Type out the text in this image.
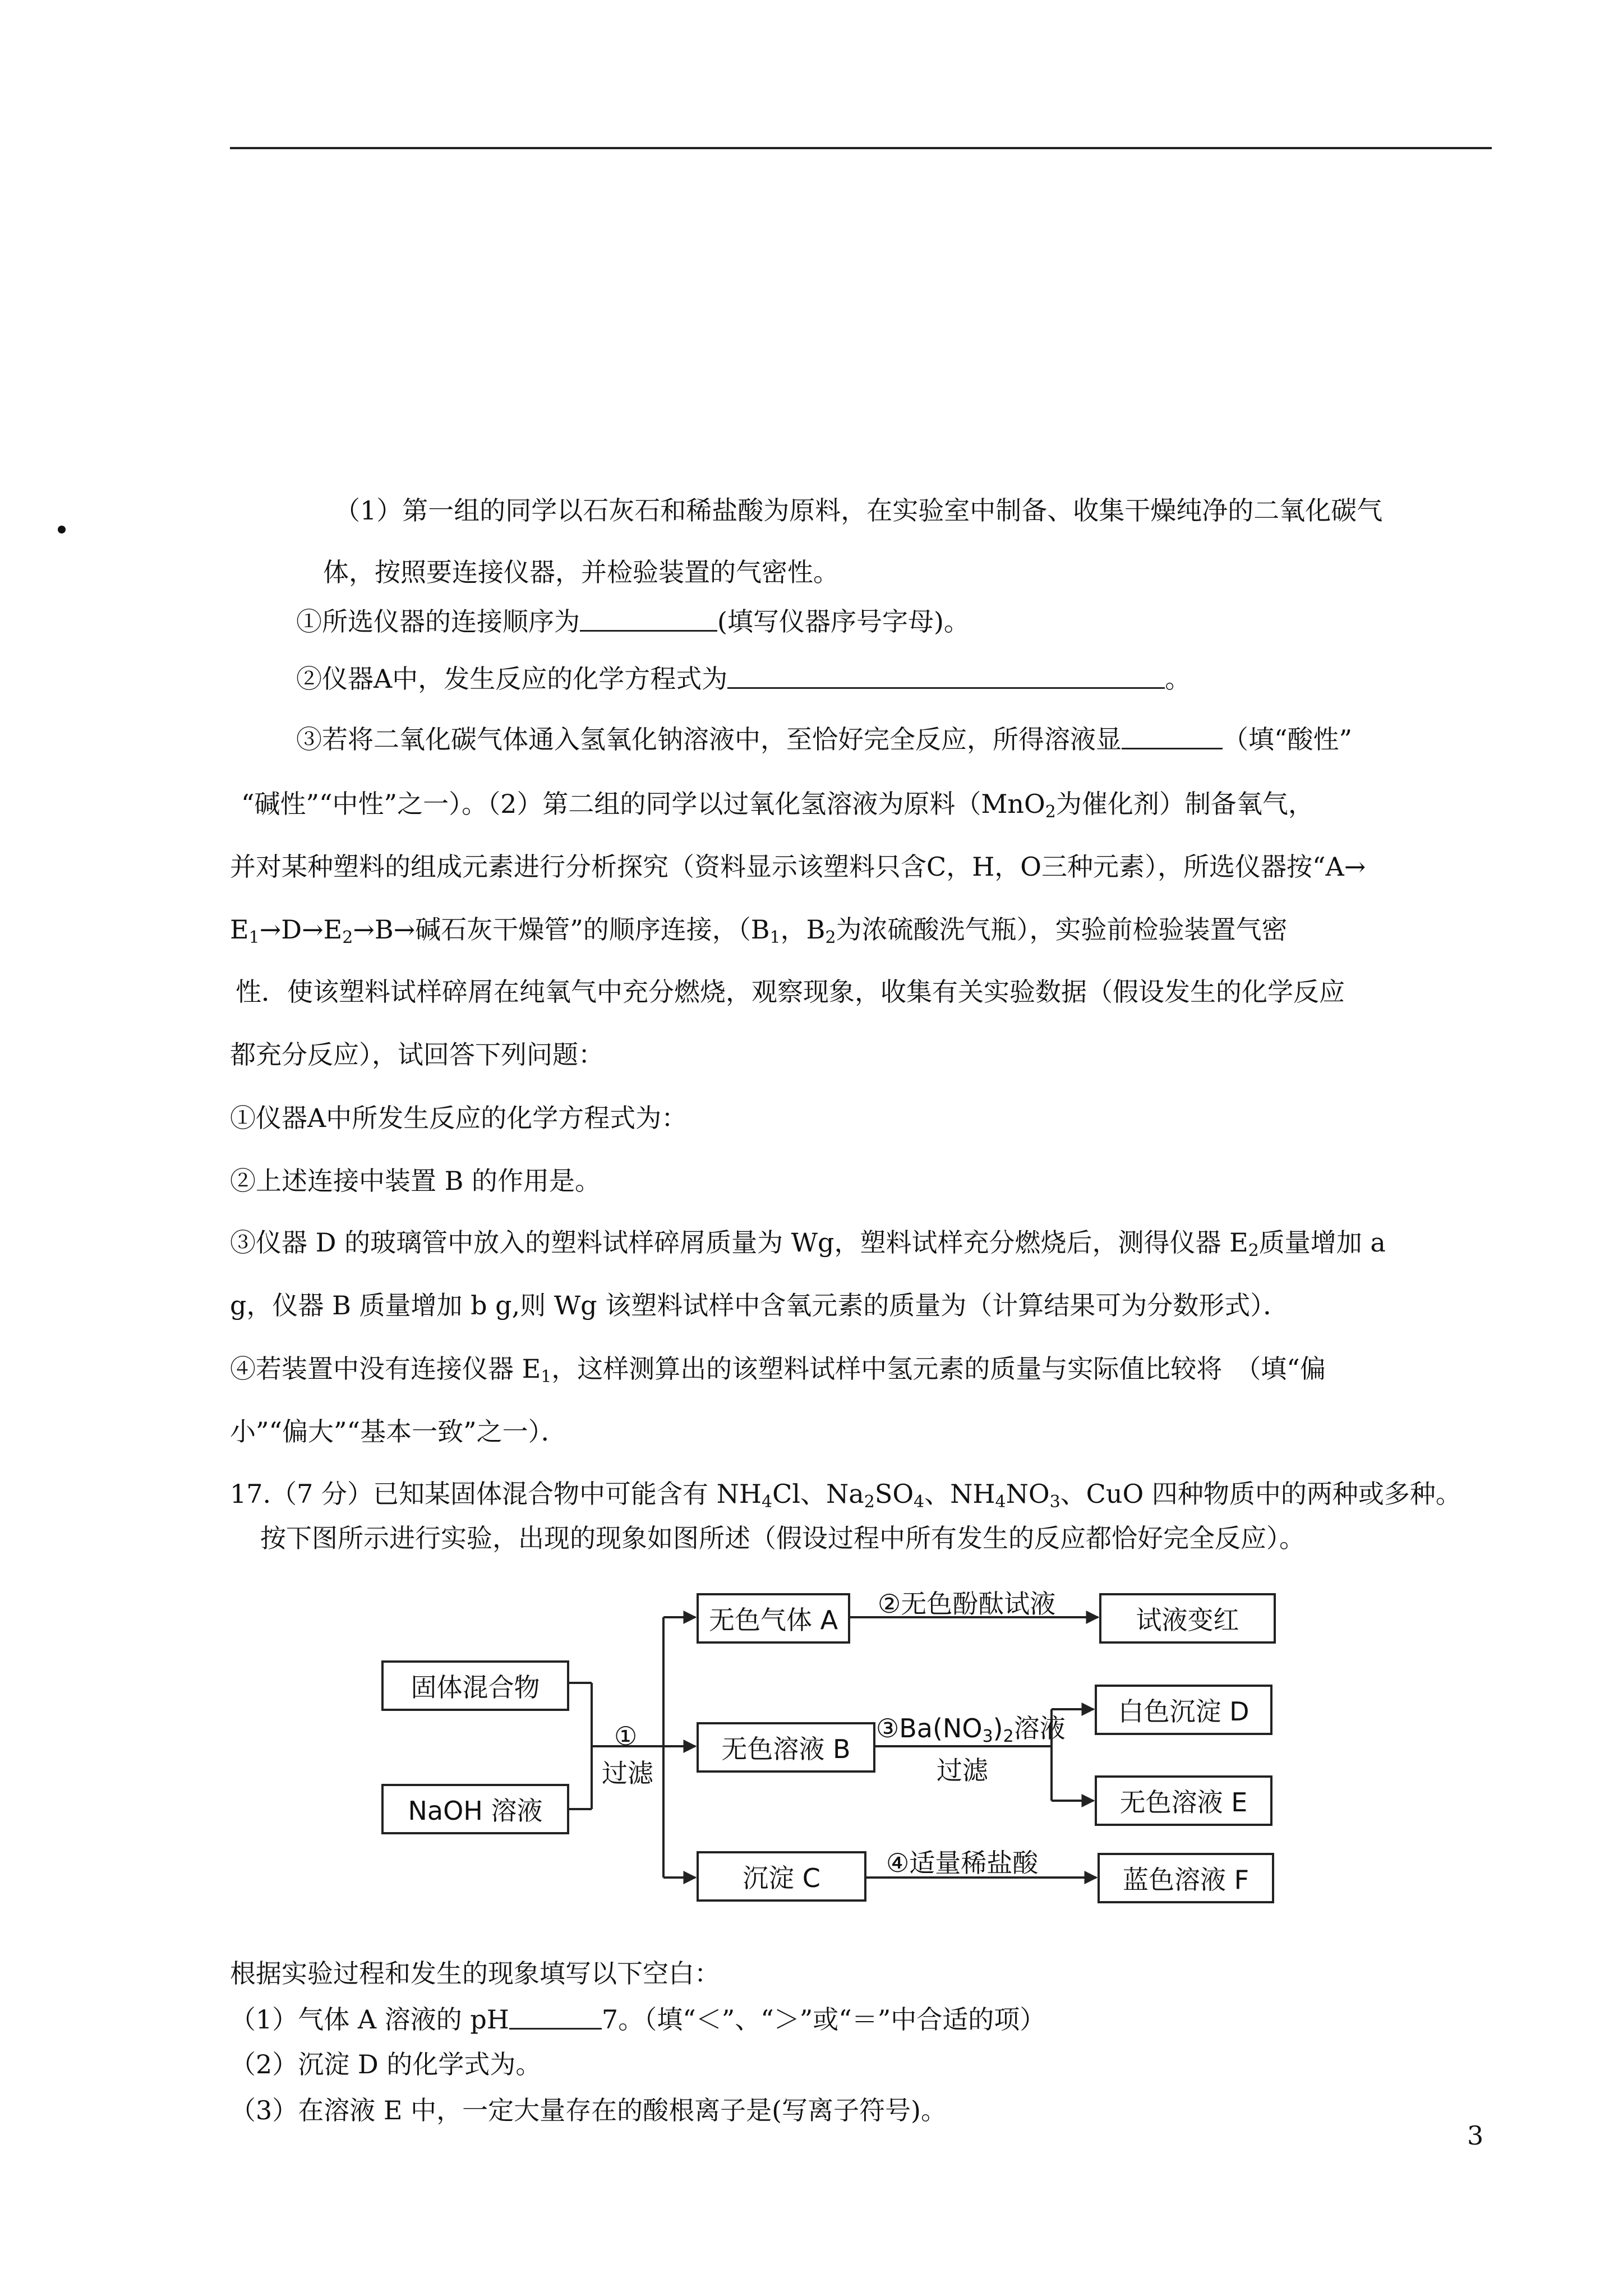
（1）第一组的同学以石灰石和稀盐酸为原料，在实验室中制备、收集干燥纯净的二氧化碳气
体，按照要连接仪器，并检验装置的气密性。
①所选仪器的连接顺序为	(填写仪器序号字母)。
②仪器A中，发生反应的化学方程式为	。
③若将二氧化碳气体通入氢氧化钠溶液中，至恰好完全反应，所得溶液显	（填“酸性”
“碱性”“中性”之一）。（2）第二组的同学以过氧化氢溶液为原料（MnO$_2$为催化剂）制备氧气，
并对某种塑料的组成元素进行分析探究（资料显示该塑料只含C，H，O三种元素），所选仪器按“A→
$E_1\to D\to E_2\to B\to$碱石灰干燥管”的顺序连接，（$B_1$，$B_2$为浓硫酸洗气瓶），实验前检验装置气密
性．使该塑料试样碎屑在纯氧气中充分燃烧，观察现象，收集有关实验数据（假设发生的化学反应
都充分反应），试回答下列问题：
①仪器A中所发生反应的化学方程式为：
②上述连接中装置 B 的作用是。
③仪器 D 的玻璃管中放入的塑料试样碎屑质量为 Wg，塑料试样充分燃烧后，测得仪器 $E_2$质量增加 a
g，仪器 B 质量增加 b g,则 Wg 该塑料试样中含氧元素的质量为（计算结果可为分数形式）．
④若装置中没有连接仪器 $E_1$，这样测算出的该塑料试样中氢元素的质量与实际值比较将　（填“偏
小”“偏大”“基本一致”之一）．
17.（7 分）已知某固体混合物中可能含有 $NH_4Cl$、$Na_2SO_4$、$NH_4NO_3$、CuO 四种物质中的两种或多种。
按下图所示进行实验，出现的现象如图所述（假设过程中所有发生的反应都恰好完全反应）。
固体混合物
NaOH 溶液
①
过滤
无色气体 A
无色溶液 B
沉淀 C
②无色酚酞试液
$③Ba(NO_3)_2$溶液
过滤
④适量稀盐酸
试液变红
白色沉淀 D
无色溶液 E
蓝色溶液 F
根据实验过程和发生的现象填写以下空白：
（1）气体 A 溶液的 pH	7。（填“＜”、“＞”或“＝”中合适的项）
（2）沉淀 D 的化学式为。
（3）在溶液 E 中，一定大量存在的酸根离子是(写离子符号)。
3
